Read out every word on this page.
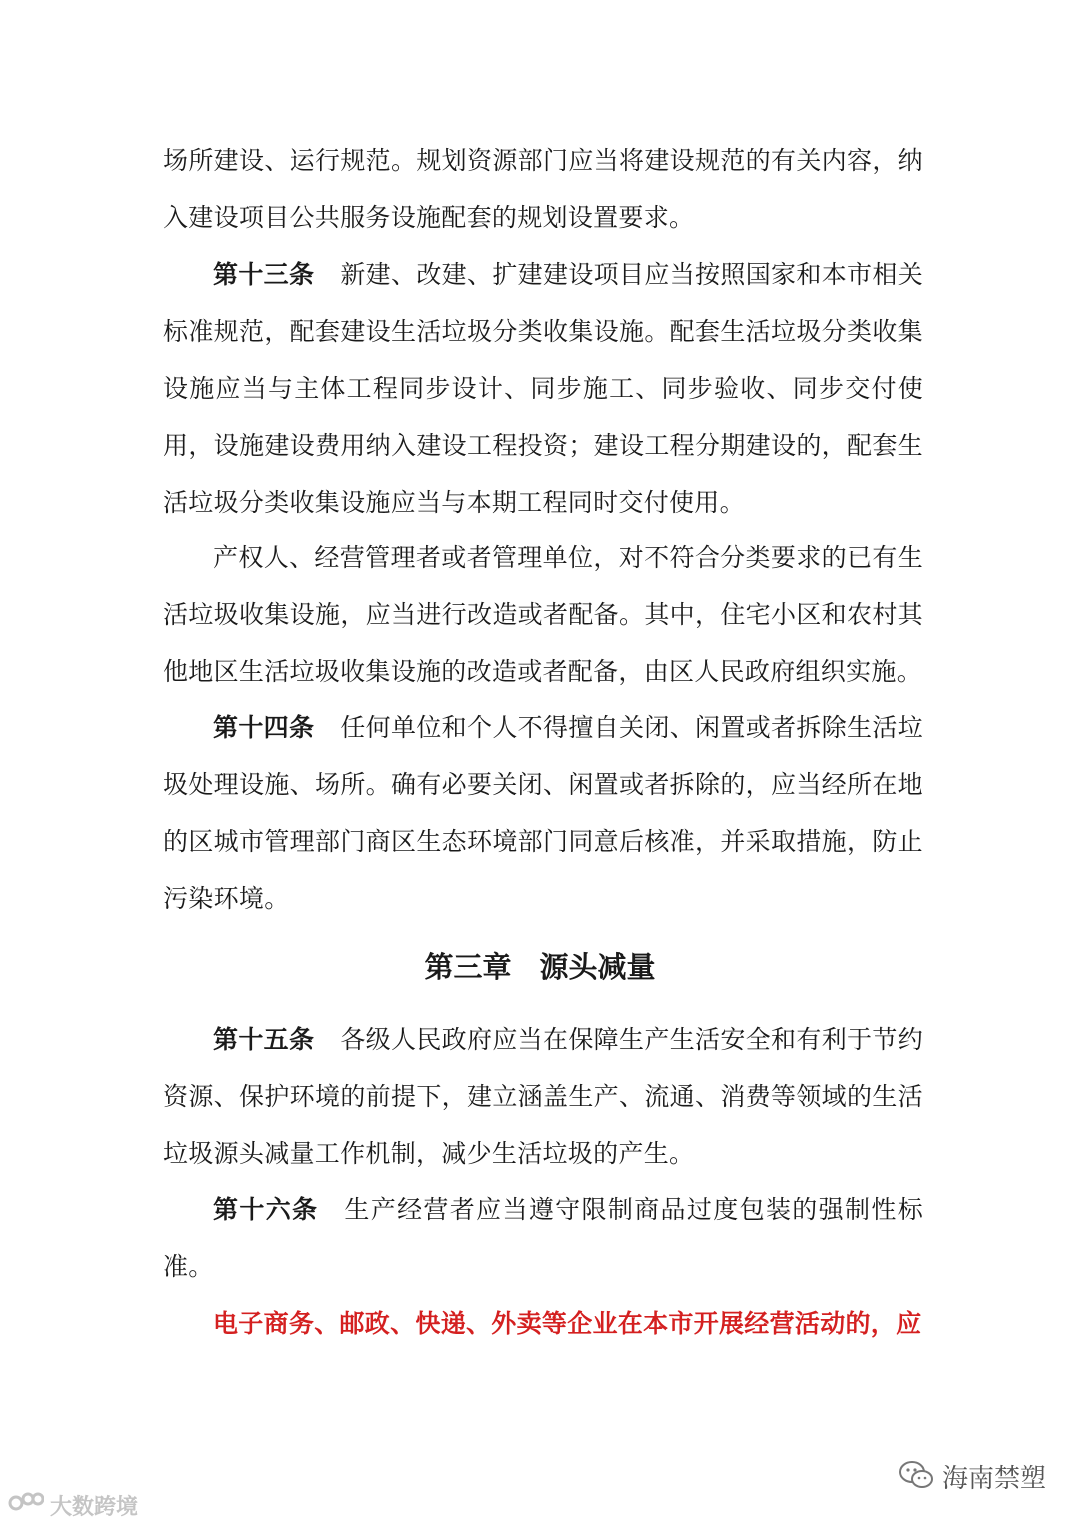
场所建设、运行规范。规划资源部门应当将建设规范的有关内容，纳入建设项目公共服务设施配套的规划设置要求。

第十三条 新建、改建、扩建建设项目应当按照国家和本市相关标准规范，配套建设生活垃圾分类收集设施。配套生活垃圾分类收集设施应当与主体工程同步设计、同步施工、同步验收、同步交付使用，设施建设费用纳入建设工程投资；建设工程分期建设的，配套生活垃圾分类收集设施应当与本期工程同时交付使用。

产权人、经营管理者或者管理单位，对不符合分类要求的已有生活垃圾收集设施，应当进行改造或者配备。其中，住宅小区和农村其他地区生活垃圾收集设施的改造或者配备，由区人民政府组织实施。

第十四条 任何单位和个人不得擅自关闭、闲置或者拆除生活垃圾处理设施、场所。确有必要关闭、闲置或者拆除的，应当经所在地的区城市管理部门商区生态环境部门同意后核准，并采取措施，防止污染环境。

第三章 源头减量

第十五条 各级人民政府应当在保障生产生活安全和有利于节约资源、保护环境的前提下，建立涵盖生产、流通、消费等领域的生活垃圾源头减量工作机制，减少生活垃圾的产生。

第十六条 生产经营者应当遵守限制商品过度包装的强制性标准。

电子商务、邮政、快递、外卖等企业在本市开展经营活动的，应

大数跨境
海南禁塑
